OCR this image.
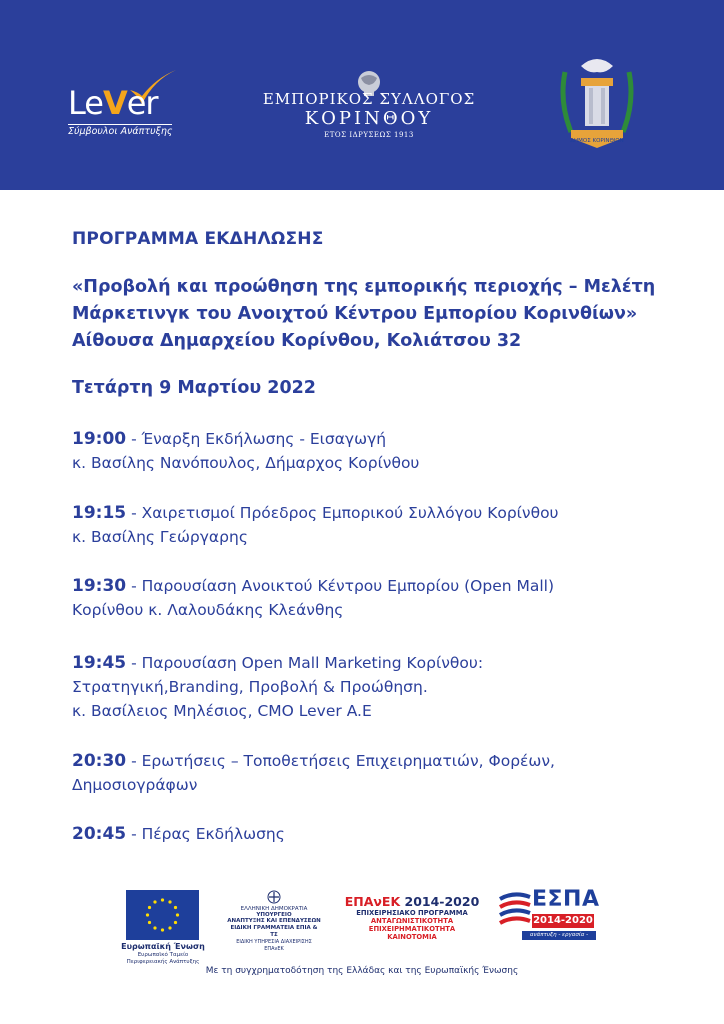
LeVer
Σύμβουλοι Ανάπτυξης
ΕΜΠΟΡΙΚΟΣ ΣΥΛΛΟΓΟΣ
ΚΟΡΙΝΘΟΥ
ΕΤΟΣ ΙΔΡΥΣΕΩΣ 1913
ΔΗΜΟΣ ΚΟΡΙΝΘΙΩΝ
ΠΡΟΓΡΑΜΜΑ ΕΚΔΗΛΩΣΗΣ
«Προβολή και προώθηση της εμπορικής περιοχής – Μελέτη
Μάρκετινγκ του Ανοιχτού Κέντρου Εμπορίου Κορινθίων»
Αίθουσα Δημαρχείου Κορίνθου, Κολιάτσου 32
Τετάρτη 9 Μαρτίου 2022
19:00 - Έναρξη Εκδήλωσης - Εισαγωγή
κ. Βασίλης Νανόπουλος, Δήμαρχος Κορίνθου
19:15 - Χαιρετισμοί Πρόεδρος Εμπορικού Συλλόγου Κορίνθου
κ. Βασίλης Γεώργαρης
19:30 - Παρουσίαση Ανοικτού Κέντρου Εμπορίου (Open Mall)
Κορίνθου κ. Λαλουδάκης Κλεάνθης
19:45 - Παρουσίαση Open Mall Marketing Κορίνθου:
Στρατηγική,Branding, Προβολή & Προώθηση.
κ. Βασίλειος Μηλέσιος, CMO Lever A.E
20:30 - Ερωτήσεις – Τοποθετήσεις Επιχειρηματιών, Φορέων,
Δημοσιογράφων
20:45 - Πέρας Εκδήλωσης
Ευρωπαϊκή Ένωση
Ευρωπαϊκό Ταμείο
Περιφερειακής Ανάπτυξης
ΕΛΛΗΝΙΚΗ ΔΗΜΟΚΡΑΤΙΑ
ΥΠΟΥΡΓΕΙΟ
ΑΝΑΠΤΥΞΗΣ ΚΑΙ ΕΠΕΝΔΥΣΕΩΝ
ΕΙΔΙΚΗ ΓΡΑΜΜΑΤΕΙΑ ΕΠΙΑ & ΤΣ
ΕΙΔΙΚΗ ΥΠΗΡΕΣΙΑ ΔΙΑΧΕΙΡΙΣΗΣ ΕΠΑνΕΚ
ΕΠΑνΕΚ 2014-2020
ΕΠΙΧΕΙΡΗΣΙΑΚΟ ΠΡΟΓΡΑΜΜΑ
ΑΝΤΑΓΩΝΙΣΤΙΚΟΤΗΤΑ
ΕΠΙΧΕΙΡΗΜΑΤΙΚΟΤΗΤΑ
ΚΑΙΝΟΤΟΜΙΑ
ΕΣΠΑ
2014-2020
ανάπτυξη - εργασία - αλληλεγγύη
Με τη συγχρηματοδότηση της Ελλάδας και της Ευρωπαϊκής Ένωσης
